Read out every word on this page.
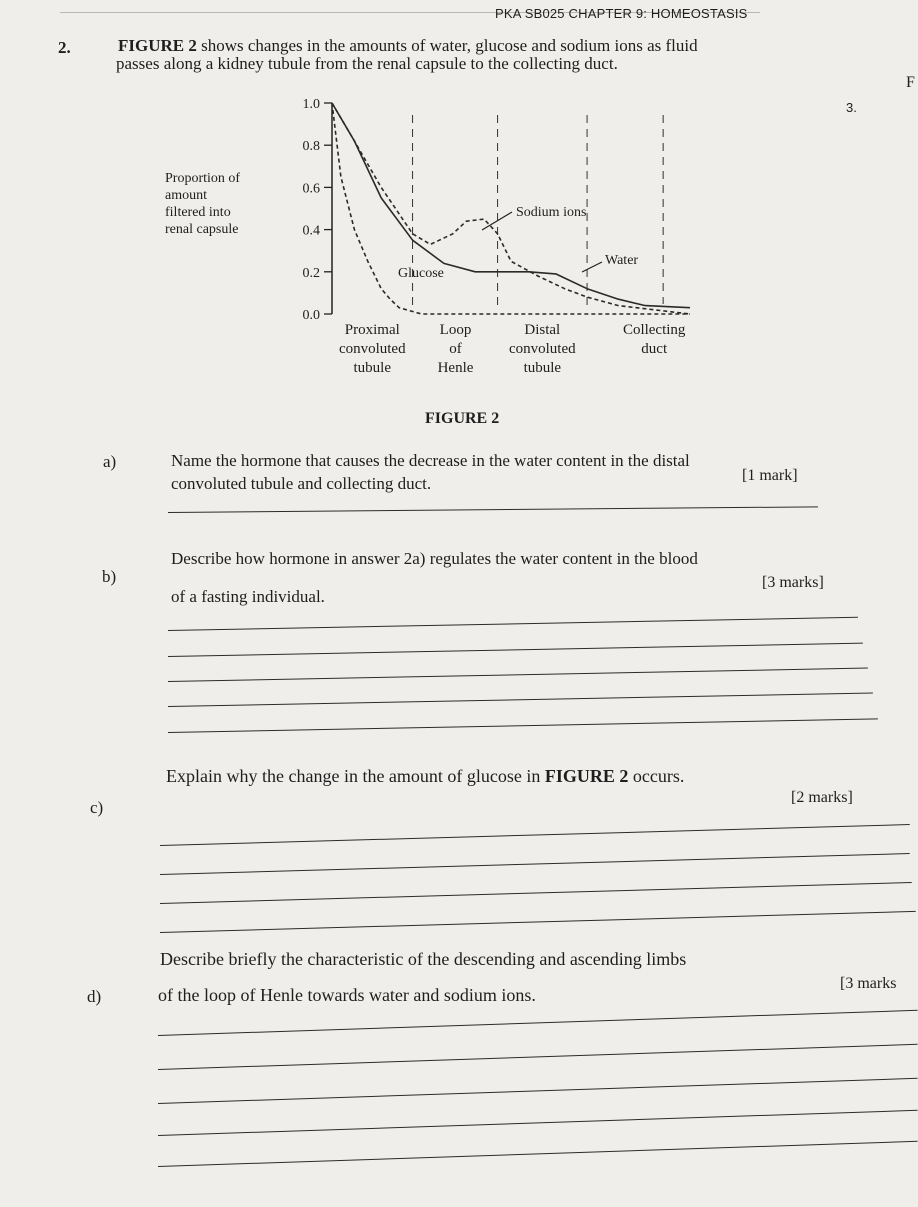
PKA SB025 CHAPTER 9: HOMEOSTASIS
2.	FIGURE 2 shows changes in the amounts of water, glucose and sodium ions as fluid
passes along a kidney tubule from the renal capsule to the collecting duct.
F
3.
Proportion of
amount
filtered into
renal capsule
1.0
0.8
0.6
0.4
0.2
0.0
Proximal
convoluted
tubule
Loop
of
Henle
Distal
convoluted
tubule
Collecting
duct
Sodium ions
Water
Glucose
FIGURE 2
a)	Name the hormone that causes the decrease in the water content in the distal
convoluted tubule and collecting duct.	[1 mark]
b)
Describe how hormone in answer 2a) regulates the water content in the blood
of a fasting individual.
[3 marks]
c)
Explain why the change in the amount of glucose in FIGURE 2 occurs.
[2 marks]
d)
Describe briefly the characteristic of the descending and ascending limbs
of the loop of Henle towards water and sodium ions.
[3 marks
